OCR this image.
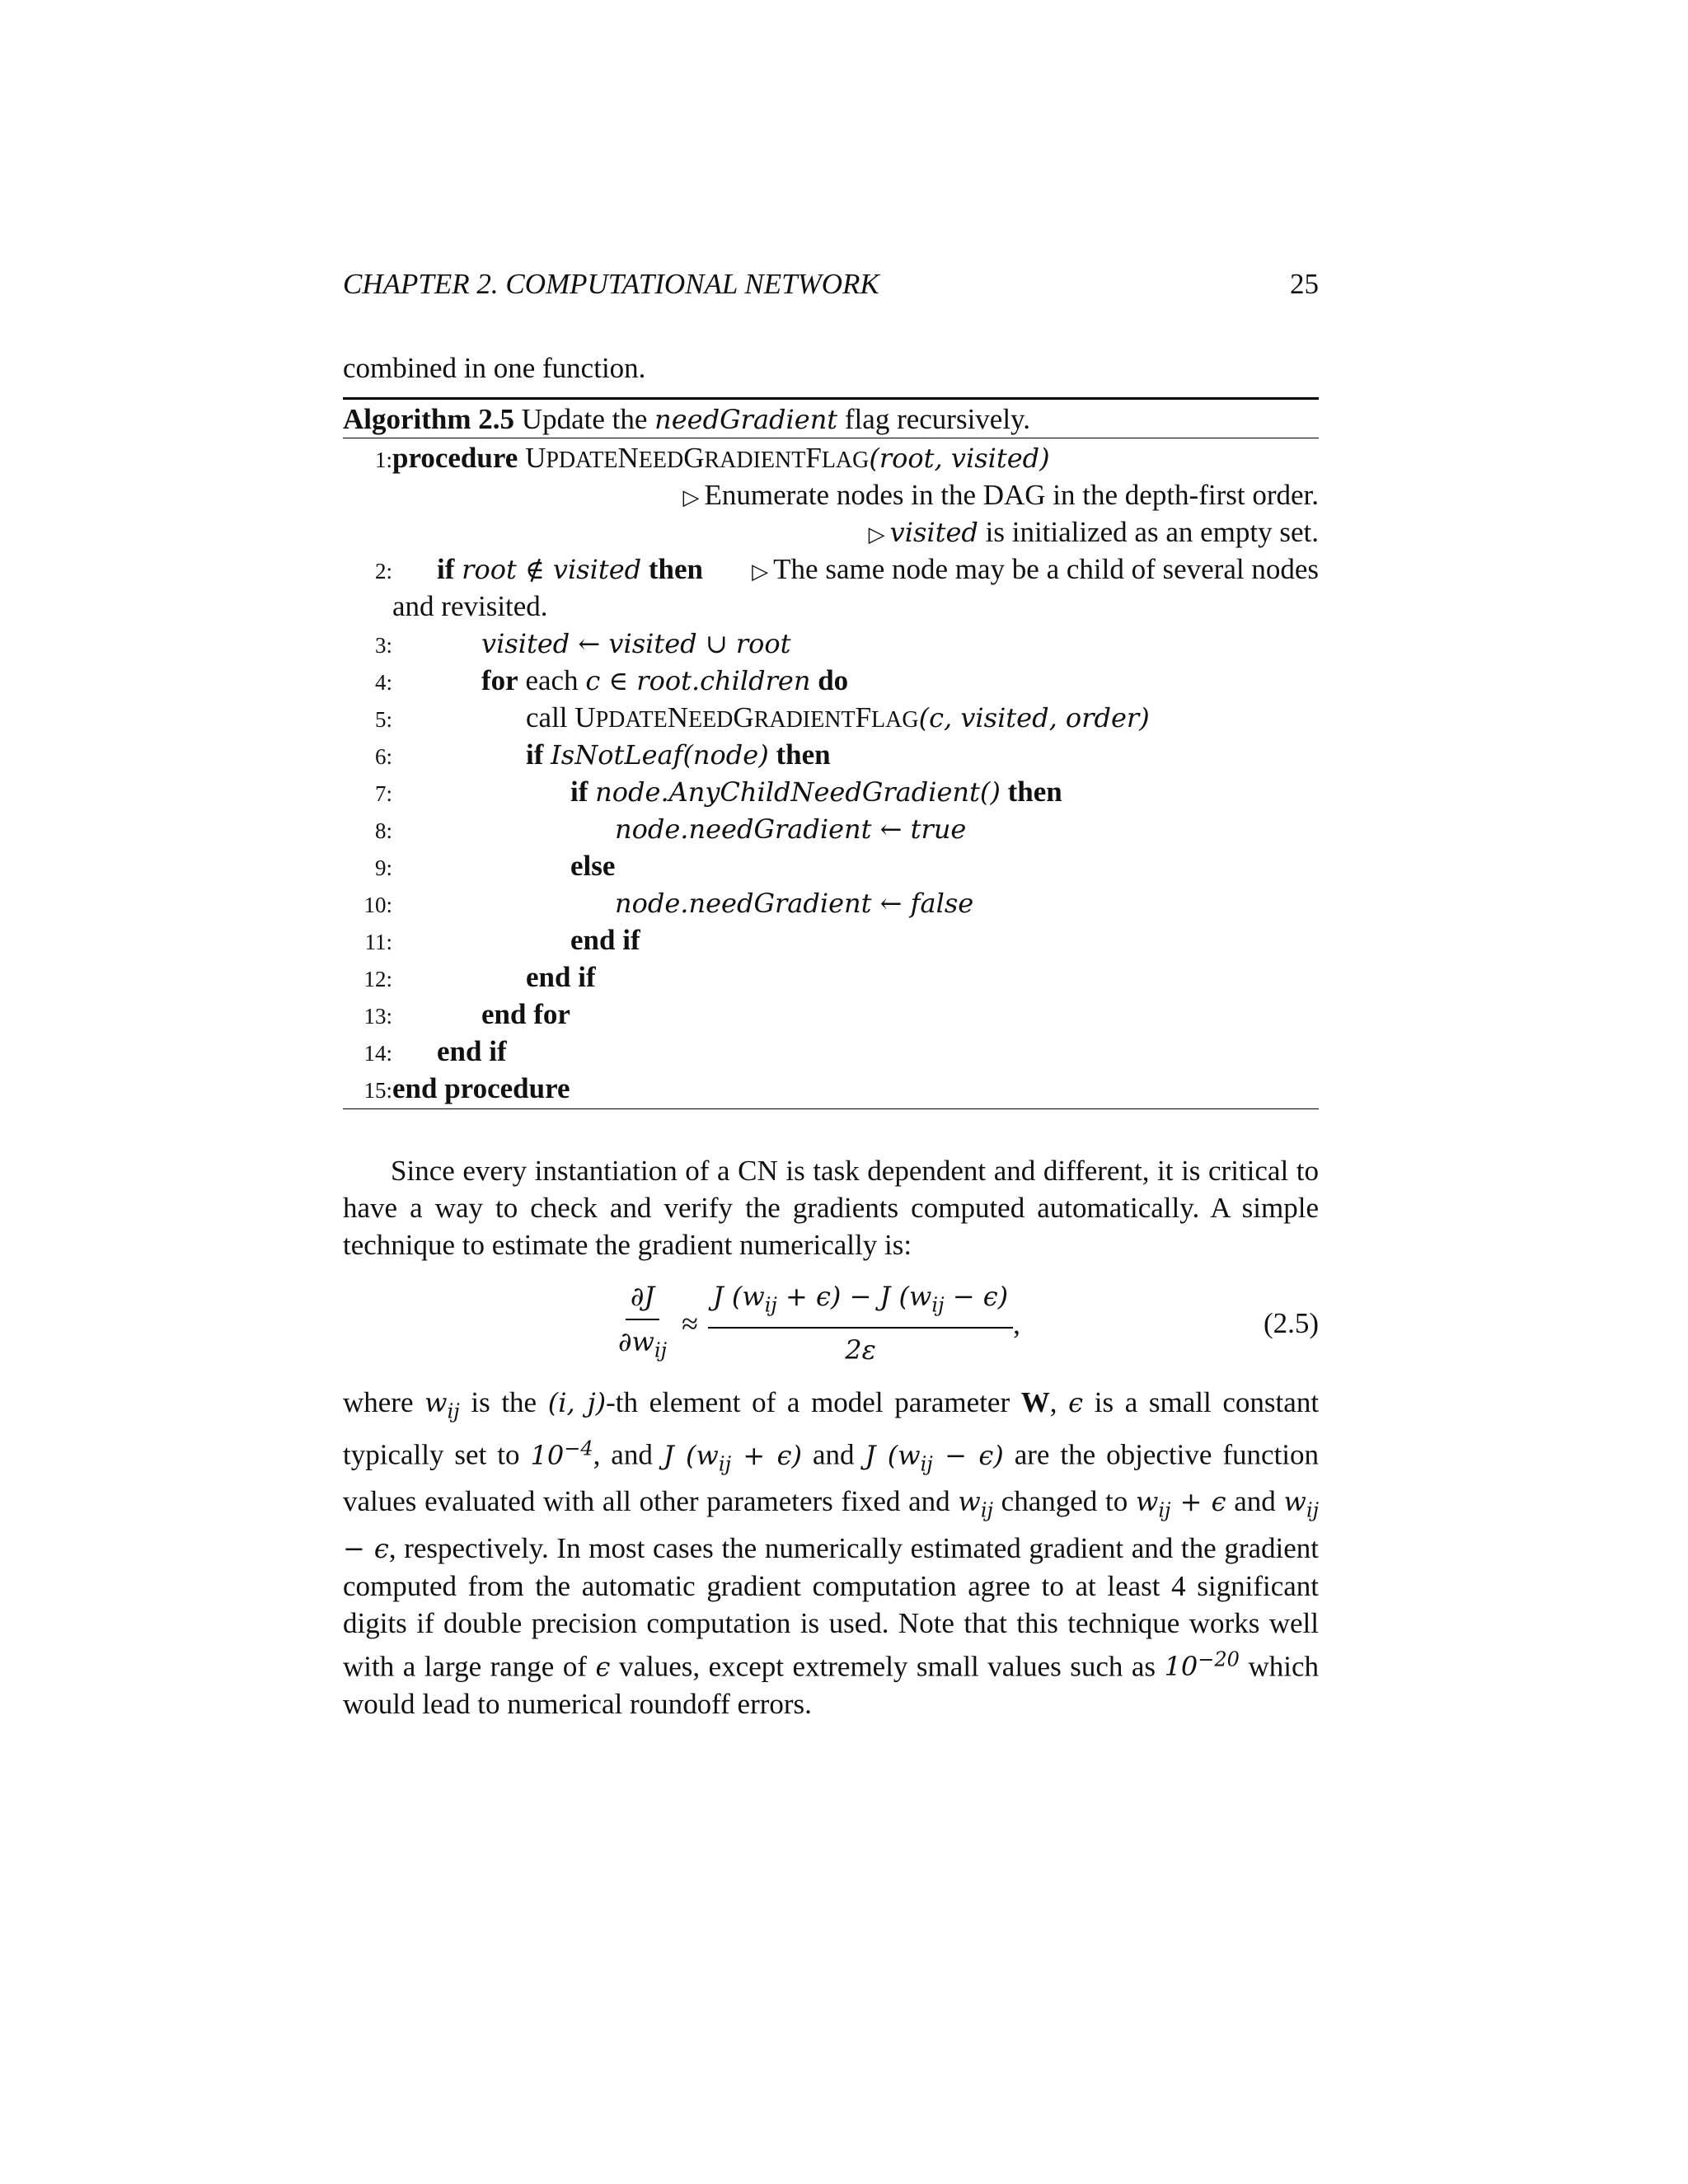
CHAPTER 2. COMPUTATIONAL NETWORK	25
combined in one function.
Algorithm 2.5 Update the needGradient flag recursively.
1: procedure UPDATENEEDGRADIENTFLAG(root, visited)
▷ Enumerate nodes in the DAG in the depth-first order.
▷ visited is initialized as an empty set.
2: if root ∉ visited then ▷ The same node may be a child of several nodes
and revisited.
3:	visited ← visited ∪ root
4:	for each c ∈ root.children do
5:	call UPDATENEEDGRADIENTFLAG(c, visited, order)
6:	if IsNotLeaf(node) then
7:	if node.AnyChildNeedGradient() then
8:	node.needGradient ← true
9:	else
10:	node.needGradient ← false
11:	end if
12:	end if
13:	end for
14: end if
15: end procedure

Since every instantiation of a CN is task dependent and different, it is critical to have a way to check and verify the gradients computed automatically. A simple technique to estimate the gradient numerically is:

$\frac{\partial J}{\partial w_{ij}} \approx \frac{J (w_{ij} + \epsilon) - J (w_{ij} - \epsilon)}{2\varepsilon}$ ,	(2.5)

where $w_{ij}$ is the (i, j)-th element of a model parameter W, ϵ is a small constant typically set to $10^{-4}$, and J $(w_{ij} + \epsilon)$ and J $(w_{ij} - \epsilon)$ are the objective function values evaluated with all other parameters fixed and $w_{ij}$ changed to $w_{ij} + \epsilon$ and $w_{ij} - \epsilon$, respectively. In most cases the numerically estimated gradient and the gradient computed from the automatic gradient computation agree to at least 4 significant digits if double precision computation is used. Note that this technique works well with a large range of ϵ values, except extremely small values such as $10^{-20}$ which would lead to numerical roundoff errors.
